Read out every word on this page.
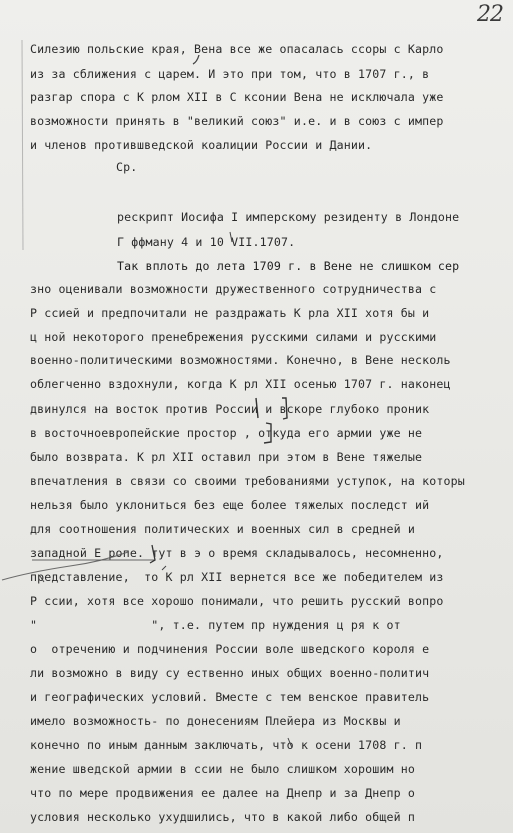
22
Силезию польские края, Вена все же опасалась ссоры с Карло
из за сближения с царем. И это при том, что в 1707 г., в
разгар спора с К рлом XII в С ксонии Вена не исключала уже
возможности принять в "великий союз" и.е. и в союз с импер
и членов протившведской коалиции России и Дании.
Ср.
рескрипт Иосифа I имперскому резиденту в Лондоне
Г ффману 4 и 10 VII.1707.
Так вплоть до лета 1709 г. в Вене не слишком сер
зно оценивали возможности дружественного сотрудничества с
Р ссией и предпочитали не раздражать К рла XII хотя бы и
ц ной некоторого пренебрежения русскими силами и русскими
военно-политическими возможностями. Конечно, в Вене несколь
облегченно вздохнули, когда К рл XII осенью 1707 г. наконец
двинулся на восток против России и вскоре глубоко проник
в восточноевропейские простор , откуда его армии уже не
было возврата. К рл XII оставил при этом в Вене тяжелые
впечатления в связи со своими требованиями уступок, на которы
нельзя было уклониться без еще более тяжелых последст ий
для соотношения политических и военных сил в средней и
западной Е ропе. тут в э о время складывалось, несомненно,
представление,  то К рл XII вернется все же победителем из
Р ссии, хотя все хорошо понимали, что решить русский вопро
"                ", т.е. путем пр нуждения ц ря к от
о  отречению и подчинения России воле шведского короля е
ли возможно в виду су ественно иных общих военно-политич
и географических условий. Вместе с тем венское правитель
имело возможность- по донесениям Плейера из Москвы и
конечно по иным данным заключать, что к осени 1708 г. п
жение шведской армии в ссии не было слишком хорошим но
что по мере продвижения ее далее на Днепр и за Днепр о
условия несколько ухудшились, что в какой либо общей п
